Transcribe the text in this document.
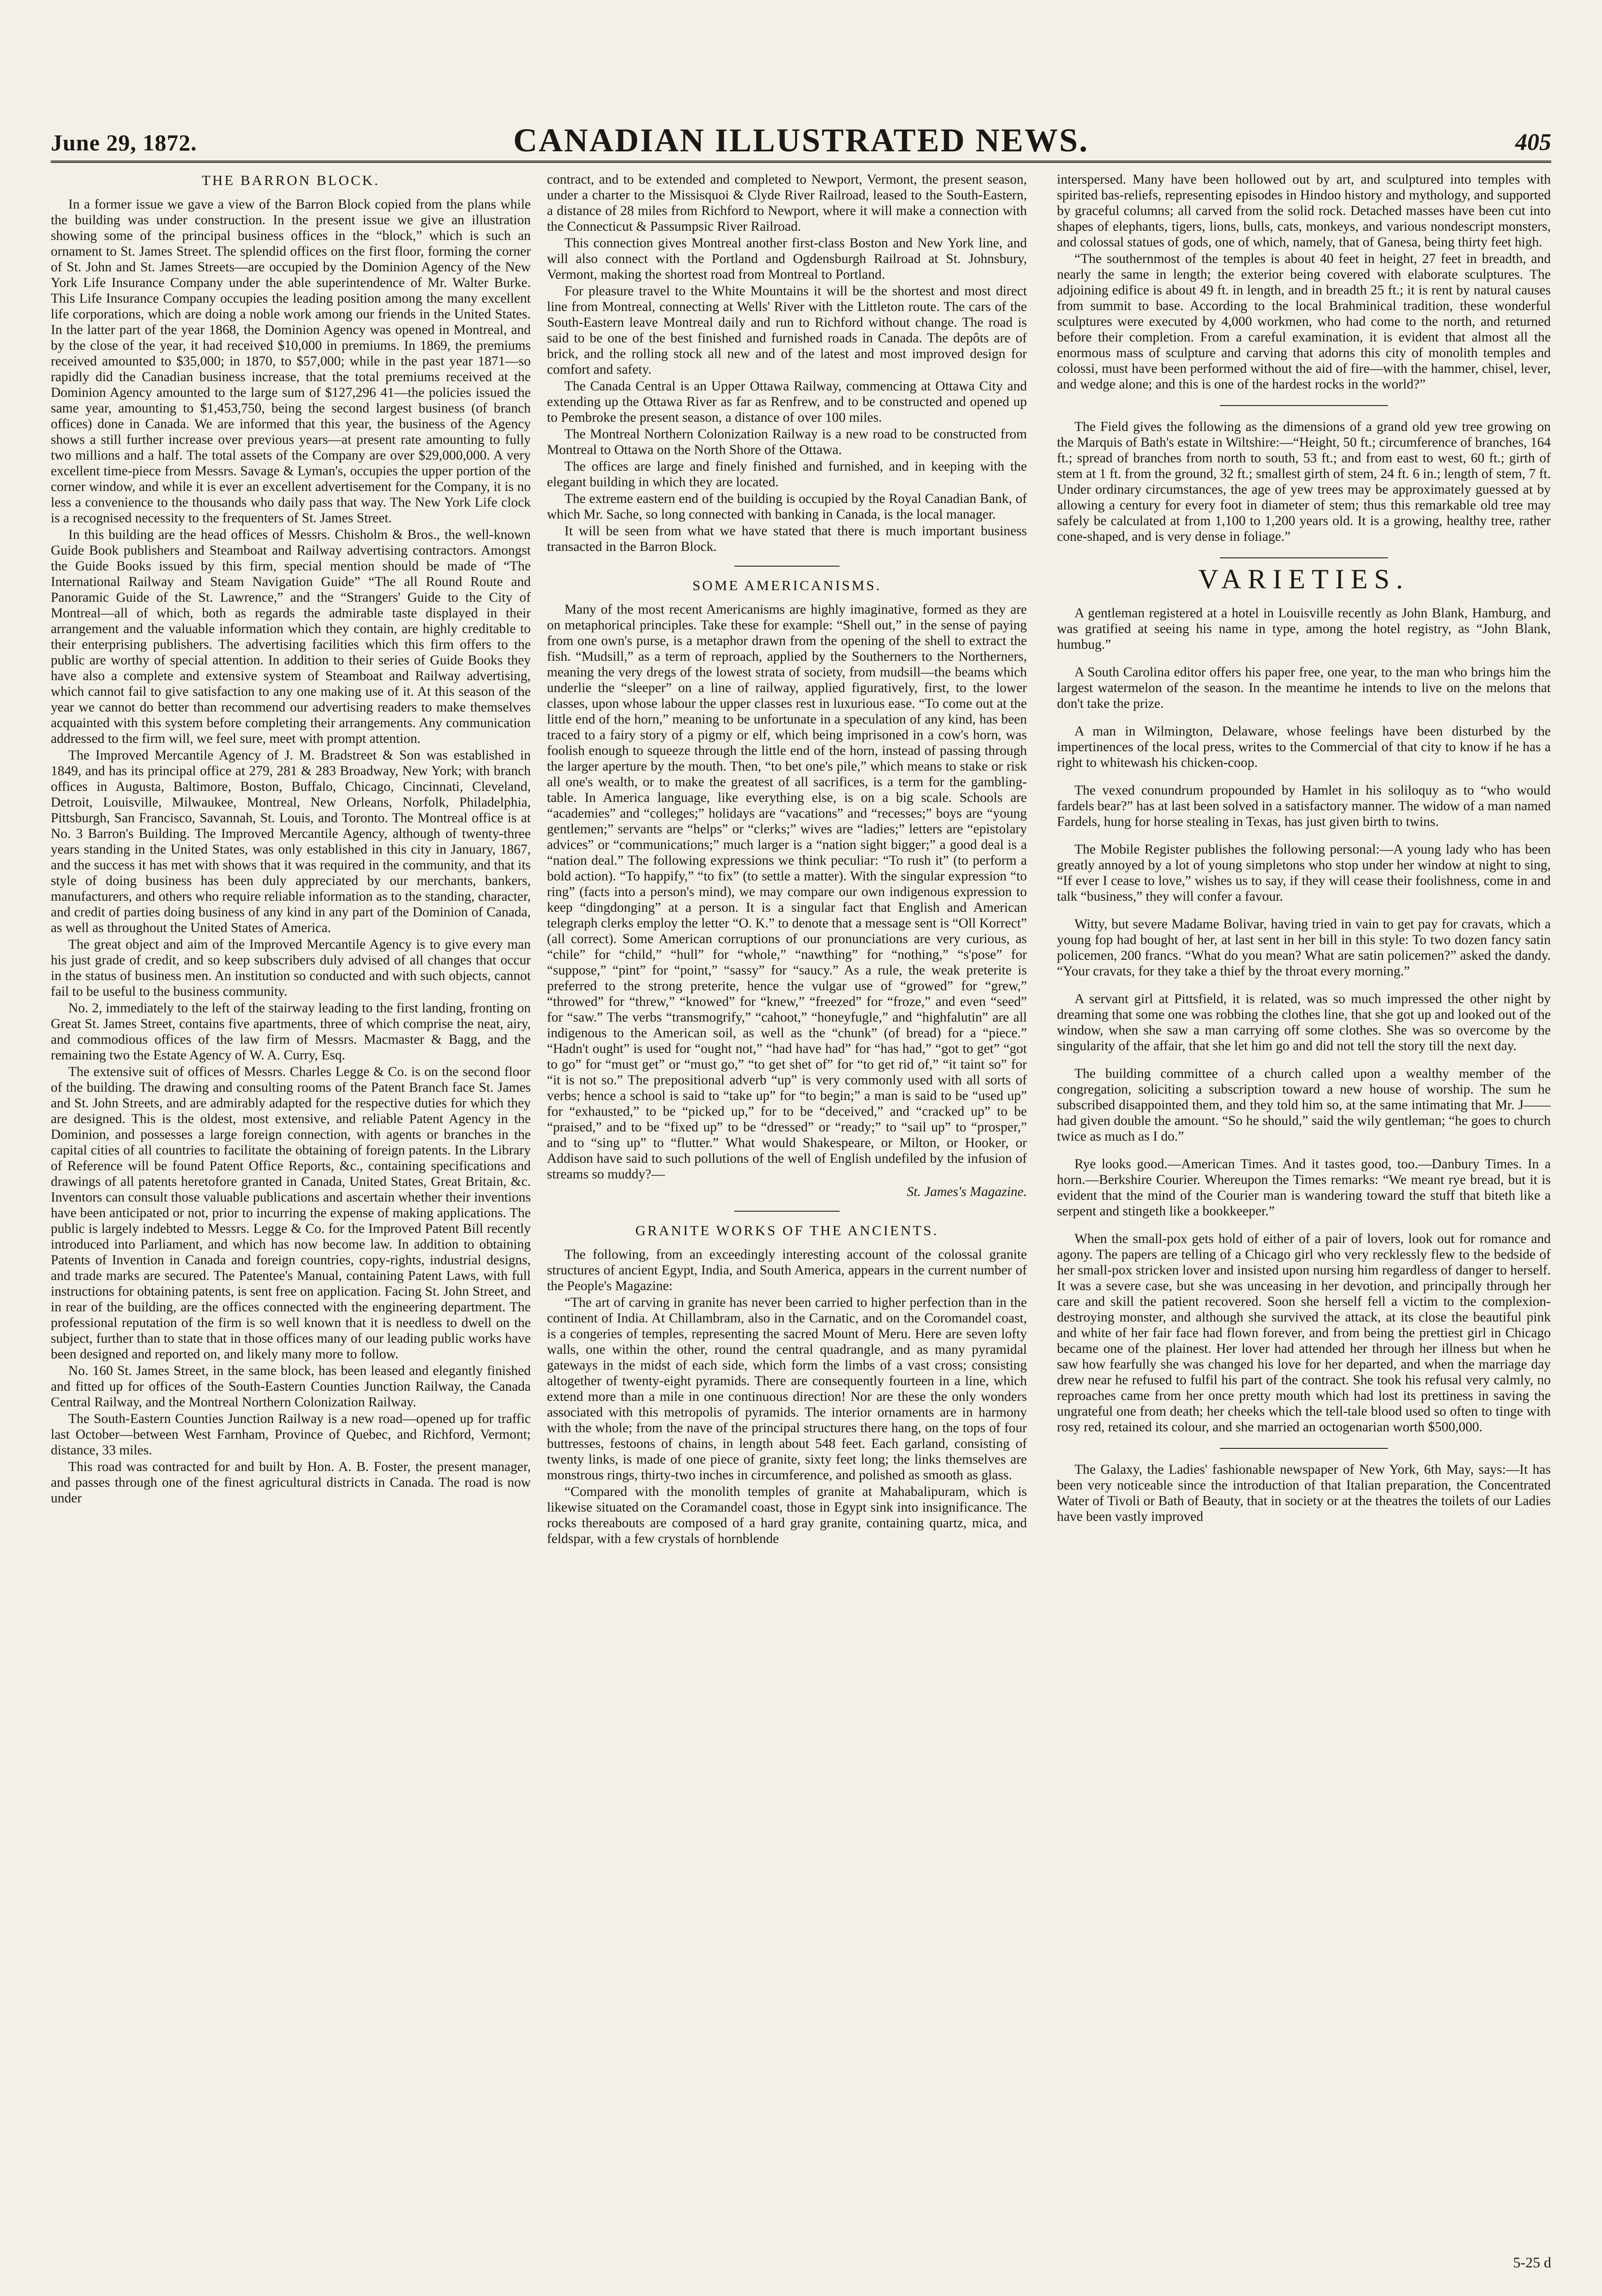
June 29, 1872.	CANADIAN ILLUSTRATED NEWS.	405
THE BARRON BLOCK.

In a former issue we gave a view of the Barron Block copied from the plans while the building was under construction. In the present issue we give an illustration showing some of the principal business offices in the “block,” which is such an ornament to St. James Street. The splendid offices on the first floor, forming the corner of St. John and St. James Streets—are occupied by the Dominion Agency of the New York Life Insurance Company under the able superintendence of Mr. Walter Burke. This Life Insurance Company occupies the leading position among the many excellent life corporations, which are doing a noble work among our friends in the United States. In the latter part of the year 1868, the Dominion Agency was opened in Montreal, and by the close of the year, it had received $10,000 in premiums. In 1869, the premiums received amounted to $35,000; in 1870, to $57,000; while in the past year 1871—so rapidly did the Canadian business increase, that the total premiums received at the Dominion Agency amounted to the large sum of $127,296 41—the policies issued the same year, amounting to $1,453,750, being the second largest business (of branch offices) done in Canada. We are informed that this year, the business of the Agency shows a still further increase over previous years—at present rate amounting to fully two millions and a half. The total assets of the Company are over $29,000,000. A very excellent time-piece from Messrs. Savage & Lyman's, occupies the upper portion of the corner window, and while it is ever an excellent advertisement for the Company, it is no less a convenience to the thousands who daily pass that way. The New York Life clock is a recognised necessity to the frequenters of St. James Street.

In this building are the head offices of Messrs. Chisholm & Bros., the well-known Guide Book publishers and Steamboat and Railway advertising contractors. Amongst the Guide Books issued by this firm, special mention should be made of “The International Railway and Steam Navigation Guide” “The all Round Route and Panoramic Guide of the St. Lawrence,” and the “Strangers' Guide to the City of Montreal—all of which, both as regards the admirable taste displayed in their arrangement and the valuable information which they contain, are highly creditable to their enterprising publishers. The advertising facilities which this firm offers to the public are worthy of special attention. In addition to their series of Guide Books they have also a complete and extensive system of Steamboat and Railway advertising, which cannot fail to give satisfaction to any one making use of it. At this season of the year we cannot do better than recommend our advertising readers to make themselves acquainted with this system before completing their arrangements. Any communication addressed to the firm will, we feel sure, meet with prompt attention.

The Improved Mercantile Agency of J. M. Bradstreet & Son was established in 1849, and has its principal office at 279, 281 & 283 Broadway, New York; with branch offices in Augusta, Baltimore, Boston, Buffalo, Chicago, Cincinnati, Cleveland, Detroit, Louisville, Milwaukee, Montreal, New Orleans, Norfolk, Philadelphia, Pittsburgh, San Francisco, Savannah, St. Louis, and Toronto. The Montreal office is at No. 3 Barron's Building. The Improved Mercantile Agency, although of twenty-three years standing in the United States, was only established in this city in January, 1867, and the success it has met with shows that it was required in the community, and that its style of doing business has been duly appreciated by our merchants, bankers, manufacturers, and others who require reliable information as to the standing, character, and credit of parties doing business of any kind in any part of the Dominion of Canada, as well as throughout the United States of America.

The great object and aim of the Improved Mercantile Agency is to give every man his just grade of credit, and so keep subscribers duly advised of all changes that occur in the status of business men. An institution so conducted and with such objects, cannot fail to be useful to the business community.

No. 2, immediately to the left of the stairway leading to the first landing, fronting on Great St. James Street, contains five apartments, three of which comprise the neat, airy, and commodious offices of the law firm of Messrs. Macmaster & Bagg, and the remaining two the Estate Agency of W. A. Curry, Esq.

The extensive suit of offices of Messrs. Charles Legge & Co. is on the second floor of the building. The drawing and consulting rooms of the Patent Branch face St. James and St. John Streets, and are admirably adapted for the respective duties for which they are designed. This is the oldest, most extensive, and reliable Patent Agency in the Dominion, and possesses a large foreign connection, with agents or branches in the capital cities of all countries to facilitate the obtaining of foreign patents. In the Library of Reference will be found Patent Office Reports, &c., containing specifications and drawings of all patents heretofore granted in Canada, United States, Great Britain, &c. Inventors can consult those valuable publications and ascertain whether their inventions have been anticipated or not, prior to incurring the expense of making applications. The public is largely indebted to Messrs. Legge & Co. for the Improved Patent Bill recently introduced into Parliament, and which has now become law. In addition to obtaining Patents of Invention in Canada and foreign countries, copy-rights, industrial designs, and trade marks are secured. The Patentee's Manual, containing Patent Laws, with full instructions for obtaining patents, is sent free on application. Facing St. John Street, and in rear of the building, are the offices connected with the engineering department. The professional reputation of the firm is so well known that it is needless to dwell on the subject, further than to state that in those offices many of our leading public works have been designed and reported on, and likely many more to follow.

No. 160 St. James Street, in the same block, has been leased and elegantly finished and fitted up for offices of the South-Eastern Counties Junction Railway, the Canada Central Railway, and the Montreal Northern Colonization Railway.

The South-Eastern Counties Junction Railway is a new road—opened up for traffic last October—between West Farnham, Province of Quebec, and Richford, Vermont; distance, 33 miles.

This road was contracted for and built by Hon. A. B. Foster, the present manager, and passes through one of the finest agricultural districts in Canada. The road is now under

contract, and to be extended and completed to Newport, Vermont, the present season, under a charter to the Missisquoi & Clyde River Railroad, leased to the South-Eastern, a distance of 28 miles from Richford to Newport, where it will make a connection with the Connecticut & Passumpsic River Railroad.

This connection gives Montreal another first-class Boston and New York line, and will also connect with the Portland and Ogdensburgh Railroad at St. Johnsbury, Vermont, making the shortest road from Montreal to Portland.

For pleasure travel to the White Mountains it will be the shortest and most direct line from Montreal, connecting at Wells' River with the Littleton route. The cars of the South-Eastern leave Montreal daily and run to Richford without change. The road is said to be one of the best finished and furnished roads in Canada. The depôts are of brick, and the rolling stock all new and of the latest and most improved design for comfort and safety.

The Canada Central is an Upper Ottawa Railway, commencing at Ottawa City and extending up the Ottawa River as far as Renfrew, and to be constructed and opened up to Pembroke the present season, a distance of over 100 miles.

The Montreal Northern Colonization Railway is a new road to be constructed from Montreal to Ottawa on the North Shore of the Ottawa.

The offices are large and finely finished and furnished, and in keeping with the elegant building in which they are located.

The extreme eastern end of the building is occupied by the Royal Canadian Bank, of which Mr. Sache, so long connected with banking in Canada, is the local manager.

It will be seen from what we have stated that there is much important business transacted in the Barron Block.

SOME AMERICANISMS.

Many of the most recent Americanisms are highly imaginative, formed as they are on metaphorical principles. Take these for example: “Shell out,” in the sense of paying from one own's purse, is a metaphor drawn from the opening of the shell to extract the fish. “Mudsill,” as a term of reproach, applied by the Southerners to the Northerners, meaning the very dregs of the lowest strata of society, from mudsill—the beams which underlie the “sleeper” on a line of railway, applied figuratively, first, to the lower classes, upon whose labour the upper classes rest in luxurious ease. “To come out at the little end of the horn,” meaning to be unfortunate in a speculation of any kind, has been traced to a fairy story of a pigmy or elf, which being imprisoned in a cow's horn, was foolish enough to squeeze through the little end of the horn, instead of passing through the larger aperture by the mouth. Then, “to bet one's pile,” which means to stake or risk all one's wealth, or to make the greatest of all sacrifices, is a term for the gambling-table. In America language, like everything else, is on a big scale. Schools are “academies” and “colleges;” holidays are “vacations” and “recesses;” boys are “young gentlemen;” servants are “helps” or “clerks;” wives are “ladies;” letters are “epistolary advices” or “communications;” much larger is a “nation sight bigger;” a good deal is a “nation deal.” The following expressions we think peculiar: “To rush it” (to perform a bold action). “To happify,” “to fix” (to settle a matter). With the singular expression “to ring” (facts into a person's mind), we may compare our own indigenous expression to keep “dingdonging” at a person. It is a singular fact that English and American telegraph clerks employ the letter “O. K.” to denote that a message sent is “Oll Korrect” (all correct). Some American corruptions of our pronunciations are very curious, as “chile” for “child,” “hull” for “whole,” “nawthing” for “nothing,” “s'pose” for “suppose,” “pint” for “point,” “sassy” for “saucy.” As a rule, the weak preterite is preferred to the strong preterite, hence the vulgar use of “growed” for “grew,” “throwed” for “threw,” “knowed” for “knew,” “freezed” for “froze,” and even “seed” for “saw.” The verbs “transmogrify,” “cahoot,” “honeyfugle,” and “highfalutin” are all indigenous to the American soil, as well as the “chunk” (of bread) for a “piece.” “Hadn't ought” is used for “ought not,” “had have had” for “has had,” “got to get” “got to go” for “must get” or “must go,” “to get shet of” for “to get rid of,” “it taint so” for “it is not so.” The prepositional adverb “up” is very commonly used with all sorts of verbs; hence a school is said to “take up” for “to begin;” a man is said to be “used up” for “exhausted,” to be “picked up,” for to be “deceived,” and “cracked up” to be “praised,” and to be “fixed up” to be “dressed” or “ready;” to “sail up” to “prosper,” and to “sing up” to “flutter.” What would Shakespeare, or Milton, or Hooker, or Addison have said to such pollutions of the well of English undefiled by the infusion of streams so muddy?—

St. James's Magazine.
GRANITE WORKS OF THE ANCIENTS.

The following, from an exceedingly interesting account of the colossal granite structures of ancient Egypt, India, and South America, appears in the current number of the People's Magazine:

“The art of carving in granite has never been carried to higher perfection than in the continent of India. At Chillambram, also in the Carnatic, and on the Coromandel coast, is a congeries of temples, representing the sacred Mount of Meru. Here are seven lofty walls, one within the other, round the central quadrangle, and as many pyramidal gateways in the midst of each side, which form the limbs of a vast cross; consisting altogether of twenty-eight pyramids. There are consequently fourteen in a line, which extend more than a mile in one continuous direction! Nor are these the only wonders associated with this metropolis of pyramids. The interior ornaments are in harmony with the whole; from the nave of the principal structures there hang, on the tops of four buttresses, festoons of chains, in length about 548 feet. Each garland, consisting of twenty links, is made of one piece of granite, sixty feet long; the links themselves are monstrous rings, thirty-two inches in circumference, and polished as smooth as glass.

“Compared with the monolith temples of granite at Mahabalipuram, which is likewise situated on the Coramandel coast, those in Egypt sink into insignificance. The rocks thereabouts are composed of a hard gray granite, containing quartz, mica, and feldspar, with a few crystals of hornblende

interspersed. Many have been hollowed out by art, and sculptured into temples with spirited bas-reliefs, representing episodes in Hindoo history and mythology, and supported by graceful columns; all carved from the solid rock. Detached masses have been cut into shapes of elephants, tigers, lions, bulls, cats, monkeys, and various nondescript monsters, and colossal statues of gods, one of which, namely, that of Ganesa, being thirty feet high.

“The southernmost of the temples is about 40 feet in height, 27 feet in breadth, and nearly the same in length; the exterior being covered with elaborate sculptures. The adjoining edifice is about 49 ft. in length, and in breadth 25 ft.; it is rent by natural causes from summit to base. According to the local Brahminical tradition, these wonderful sculptures were executed by 4,000 workmen, who had come to the north, and returned before their completion. From a careful examination, it is evident that almost all the enormous mass of sculpture and carving that adorns this city of monolith temples and colossi, must have been performed without the aid of fire—with the hammer, chisel, lever, and wedge alone; and this is one of the hardest rocks in the world?”

The Field gives the following as the dimensions of a grand old yew tree growing on the Marquis of Bath's estate in Wiltshire:—“Height, 50 ft.; circumference of branches, 164 ft.; spread of branches from north to south, 53 ft.; and from east to west, 60 ft.; girth of stem at 1 ft. from the ground, 32 ft.; smallest girth of stem, 24 ft. 6 in.; length of stem, 7 ft. Under ordinary circumstances, the age of yew trees may be approximately guessed at by allowing a century for every foot in diameter of stem; thus this remarkable old tree may safely be calculated at from 1,100 to 1,200 years old. It is a growing, healthy tree, rather cone-shaped, and is very dense in foliage.”

VARIETIES.

A gentleman registered at a hotel in Louisville recently as John Blank, Hamburg, and was gratified at seeing his name in type, among the hotel registry, as “John Blank, humbug.”

A South Carolina editor offers his paper free, one year, to the man who brings him the largest watermelon of the season. In the meantime he intends to live on the melons that don't take the prize.

A man in Wilmington, Delaware, whose feelings have been disturbed by the impertinences of the local press, writes to the Commercial of that city to know if he has a right to whitewash his chicken-coop.

The vexed conundrum propounded by Hamlet in his soliloquy as to “who would fardels bear?” has at last been solved in a satisfactory manner. The widow of a man named Fardels, hung for horse stealing in Texas, has just given birth to twins.

The Mobile Register publishes the following personal:—A young lady who has been greatly annoyed by a lot of young simpletons who stop under her window at night to sing, “If ever I cease to love,” wishes us to say, if they will cease their foolishness, come in and talk “business,” they will confer a favour.

Witty, but severe Madame Bolivar, having tried in vain to get pay for cravats, which a young fop had bought of her, at last sent in her bill in this style: To two dozen fancy satin policemen, 200 francs. “What do you mean? What are satin policemen?” asked the dandy. “Your cravats, for they take a thief by the throat every morning.”

A servant girl at Pittsfield, it is related, was so much impressed the other night by dreaming that some one was robbing the clothes line, that she got up and looked out of the window, when she saw a man carrying off some clothes. She was so overcome by the singularity of the affair, that she let him go and did not tell the story till the next day.

The building committee of a church called upon a wealthy member of the congregation, soliciting a subscription toward a new house of worship. The sum he subscribed disappointed them, and they told him so, at the same intimating that Mr. J—— had given double the amount. “So he should,” said the wily gentleman; “he goes to church twice as much as I do.”

Rye looks good.—American Times. And it tastes good, too.—Danbury Times. In a horn.—Berkshire Courier. Whereupon the Times remarks: “We meant rye bread, but it is evident that the mind of the Courier man is wandering toward the stuff that biteth like a serpent and stingeth like a bookkeeper.”

When the small-pox gets hold of either of a pair of lovers, look out for romance and agony. The papers are telling of a Chicago girl who very recklessly flew to the bedside of her small-pox stricken lover and insisted upon nursing him regardless of danger to herself. It was a severe case, but she was unceasing in her devotion, and principally through her care and skill the patient recovered. Soon she herself fell a victim to the complexion-destroying monster, and although she survived the attack, at its close the beautiful pink and white of her fair face had flown forever, and from being the prettiest girl in Chicago became one of the plainest. Her lover had attended her through her illness but when he saw how fearfully she was changed his love for her departed, and when the marriage day drew near he refused to fulfil his part of the contract. She took his refusal very calmly, no reproaches came from her once pretty mouth which had lost its prettiness in saving the ungrateful one from death; her cheeks which the tell-tale blood used so often to tinge with rosy red, retained its colour, and she married an octogenarian worth $500,000.

The Galaxy, the Ladies' fashionable newspaper of New York, 6th May, says:—It has been very noticeable since the introduction of that Italian preparation, the Concentrated Water of Tivoli or Bath of Beauty, that in society or at the theatres the toilets of our Ladies have been vastly improved

5-25 d
